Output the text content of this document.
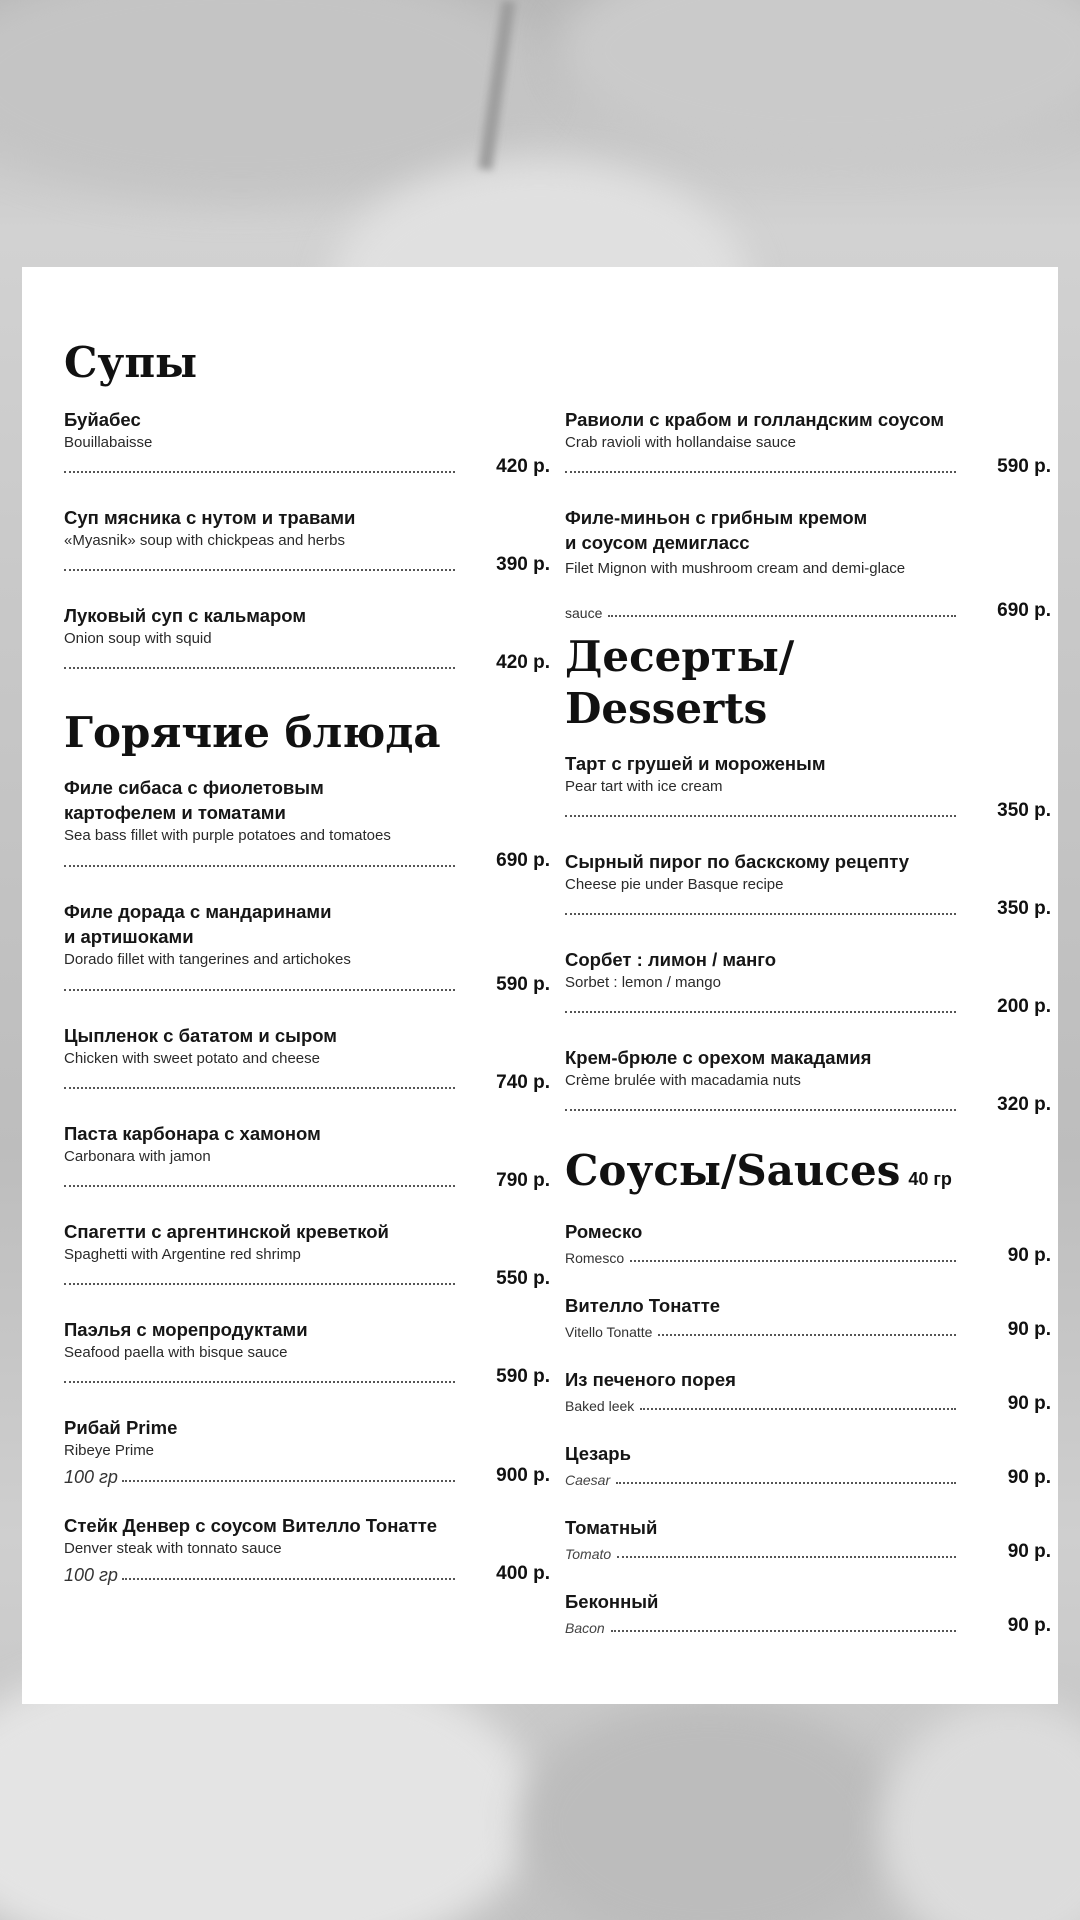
Супы
Буйабес
Bouillabaisse
420 р.
Суп мясника с нутом и травами
«Myasnik» soup with chickpeas and herbs
390 р.
Луковый суп с кальмаром
Onion soup with squid
420 р.
Горячие блюда
Филе сибаса с фиолетовым
картофелем и томатами
Sea bass fillet with purple potatoes and tomatoes
690 р.
Филе дорада с мандаринами
и артишоками
Dorado fillet with tangerines and artichokes
590 р.
Цыпленок с бататом и сыром
Chicken with sweet potato and cheese
740 р.
Паста карбонара с хамоном
Carbonara with jamon
790 р.
Спагетти с аргентинской креветкой
Spaghetti with Argentine red shrimp
550 р.
Паэлья с морепродуктами
Seafood paella with bisque sauce
590 р.
Рибай Prime
Ribeye Prime
100 гр	900 р.
Стейк Денвер с соусом Вителло Тонатте
Denver steak with tonnato sauce
100 гр	400 р.
Равиоли с крабом и голландским соусом
Crab ravioli with hollandaise sauce
590 р.
Филе-миньон с грибным кремом
и соусом демигласс
Filet Mignon with mushroom cream and demi-glace
sauce	690 р.
Десерты/
Desserts
Тарт с грушей и мороженым
Pear tart with ice cream
350 р.
Сырный пирог по баскскому рецепту
Cheese pie under Basque recipe
350 р.
Сорбет : лимон / манго
Sorbet : lemon / mango
200 р.
Крем-брюле с орехом макадамия
Crème brulée with macadamia nuts
320 р.
Соусы/Sauces 40 гр
Ромеско
Romesco	90 р.
Вителло Тонатте
Vitello Tonatte	90 р.
Из печеного порея
Baked leek	90 р.
Цезарь
Caesar	90 р.
Томатный
Tomato	90 р.
Беконный
Bacon	90 р.
